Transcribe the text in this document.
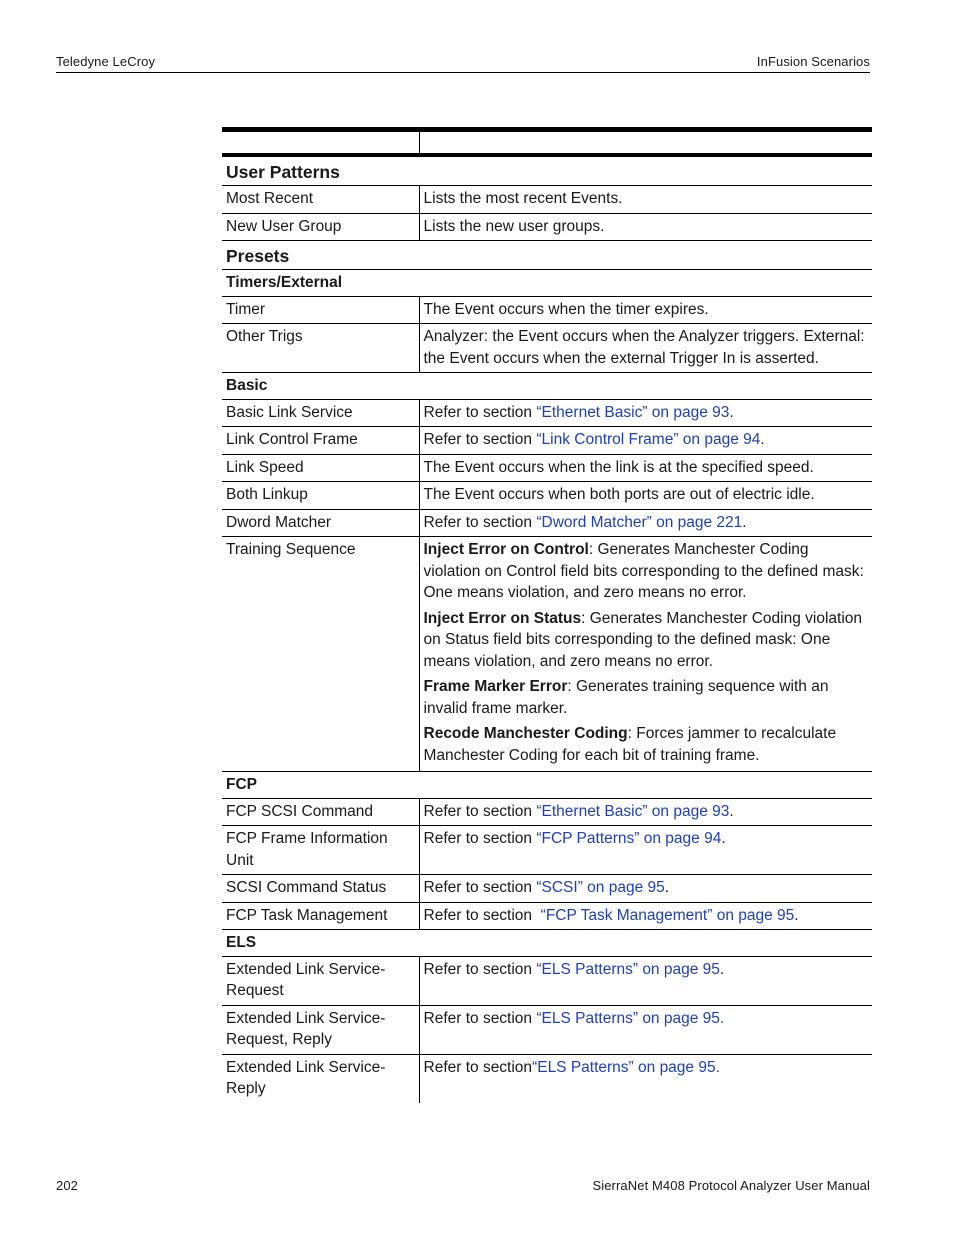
Teledyne LeCroy	InFusion Scenarios

User Patterns	
Most Recent	Lists the most recent Events.
New User Group	Lists the new user groups.
Presets	
Timers/External	
Timer	The Event occurs when the timer expires.
Other Trigs	Analyzer: the Event occurs when the Analyzer triggers. External: the Event occurs when the external Trigger In is asserted.
Basic	
Basic Link Service	Refer to section “Ethernet Basic” on page 93.
Link Control Frame	Refer to section “Link Control Frame” on page 94.
Link Speed	The Event occurs when the link is at the specified speed.
Both Linkup	The Event occurs when both ports are out of electric idle.
Dword Matcher	Refer to section “Dword Matcher” on page 221.
Training Sequence	Inject Error on Control: Generates Manchester Coding violation on Control field bits corresponding to the defined mask: One means violation, and zero means no error.

Inject Error on Status: Generates Manchester Coding violation on Status field bits corresponding to the defined mask: One means violation, and zero means no error.

Frame Marker Error: Generates training sequence with an invalid frame marker.

Recode Manchester Coding: Forces jammer to recalculate Manchester Coding for each bit of training frame.

FCP	
FCP SCSI Command	Refer to section “Ethernet Basic” on page 93.
FCP Frame Information Unit	Refer to section “FCP Patterns” on page 94.
SCSI Command Status	Refer to section “SCSI” on page 95.
FCP Task Management	Refer to section  “FCP Task Management” on page 95.
ELS	
Extended Link Service-Request	Refer to section “ELS Patterns” on page 95.
Extended Link Service-Request, Reply	Refer to section “ELS Patterns” on page 95.
Extended Link Service-Reply	Refer to section“ELS Patterns” on page 95.
202	SierraNet M408 Protocol Analyzer User Manual
